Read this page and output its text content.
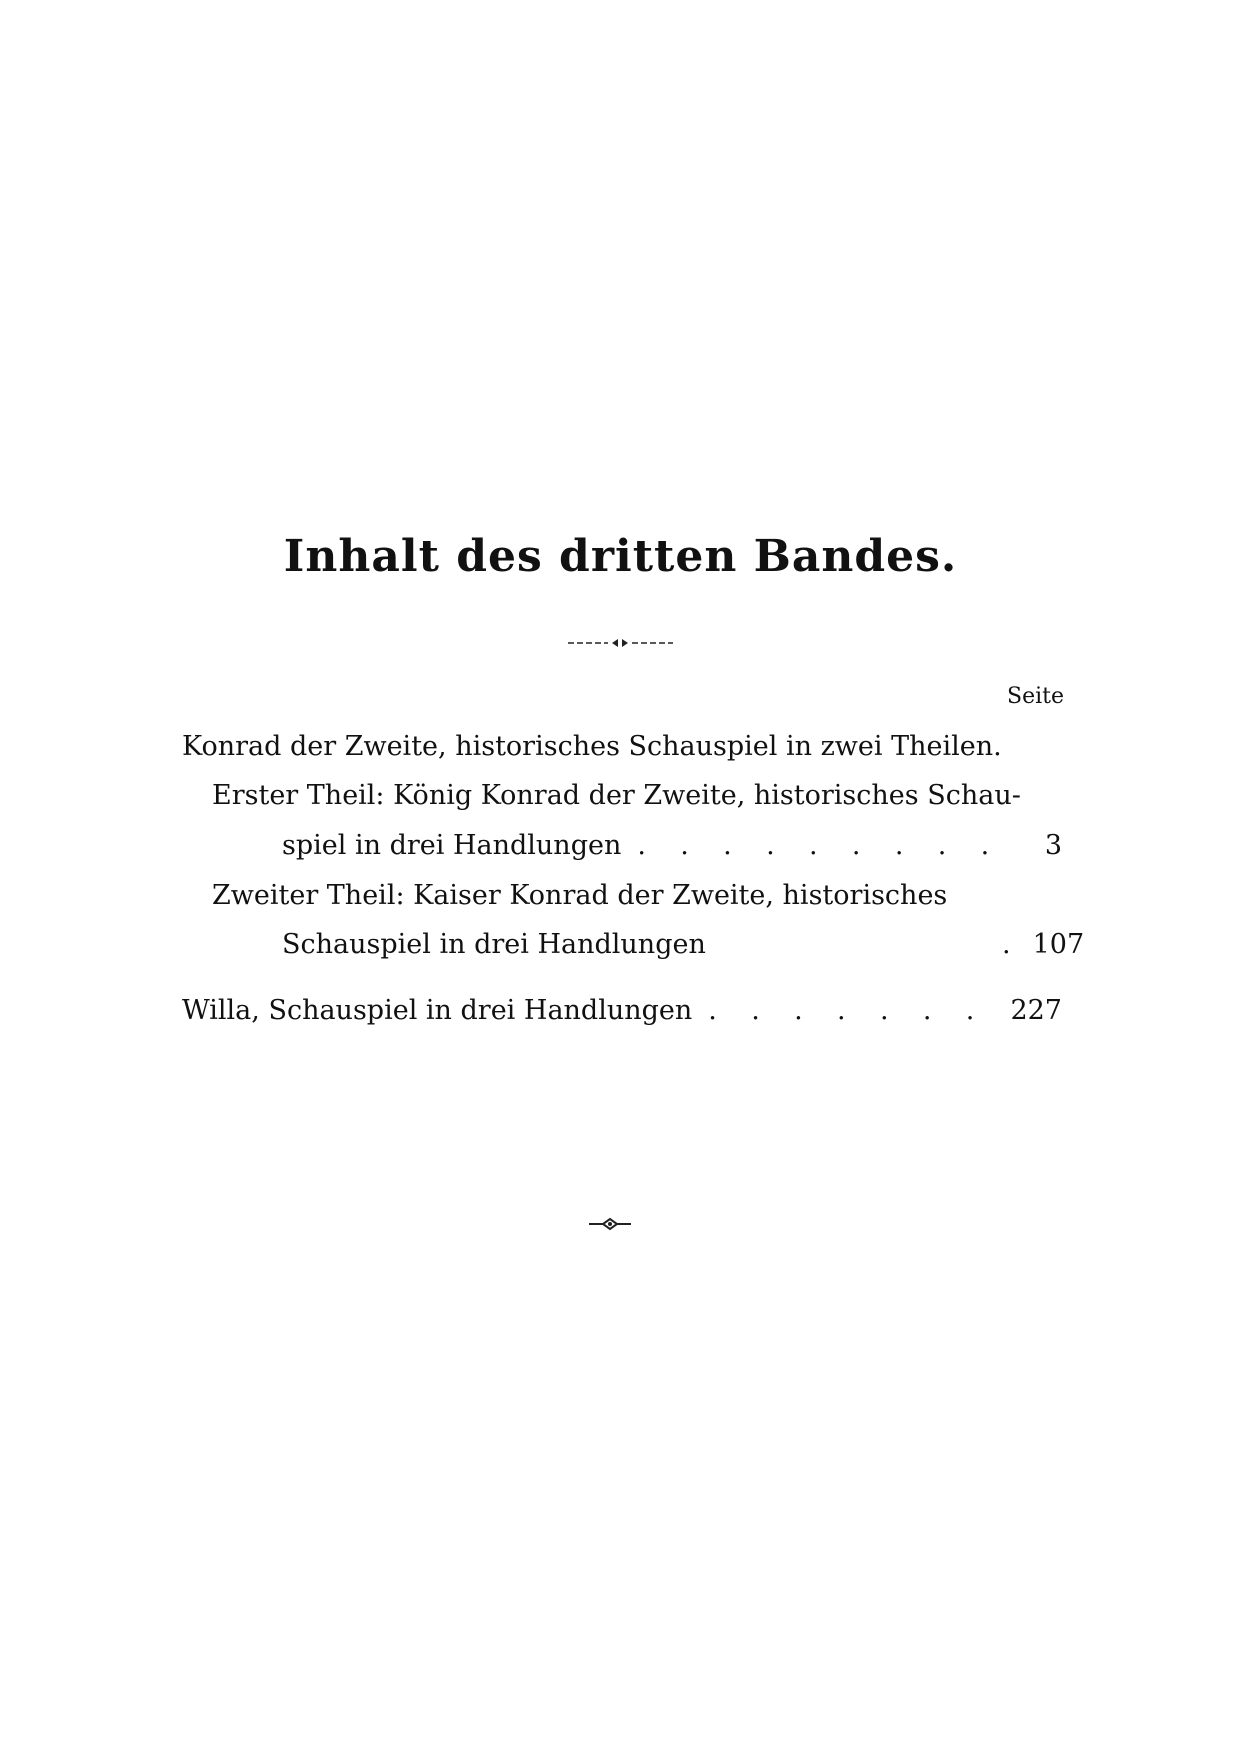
Inhalt des dritten Bandes.
Seite
Konrad der Zweite, historisches Schauspiel in zwei Theilen.
Erster Theil: König Konrad der Zweite, historisches Schau-
spiel in drei Handlungen .	3
Zweiter Theil: Kaiser Konrad der Zweite, historisches
Schauspiel in drei Handlungen	. 107
Willa, Schauspiel in drei Handlungen .	227
